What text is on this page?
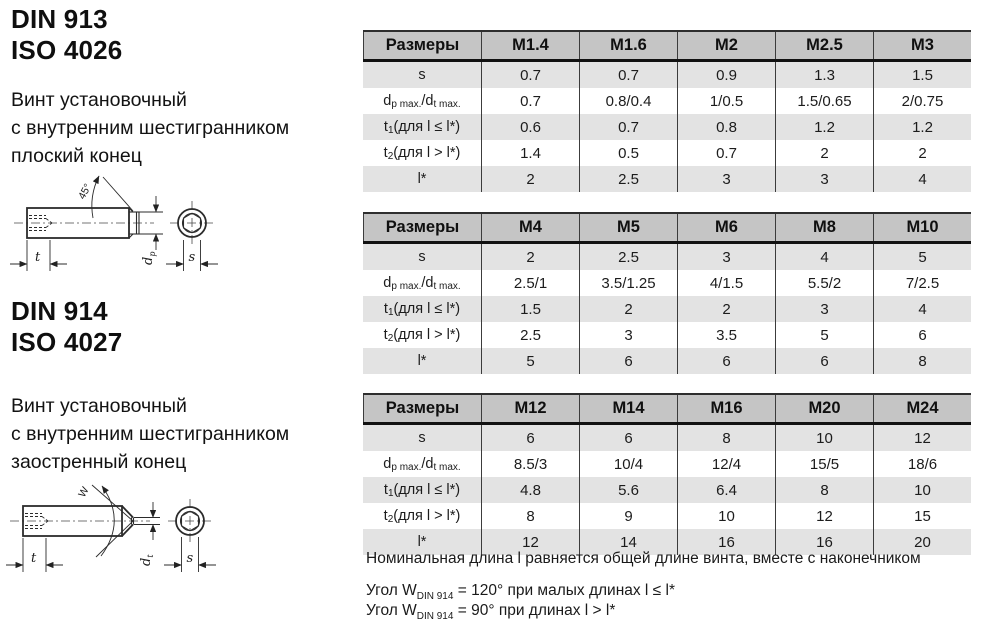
DIN 913
ISO 4026
Винт установочный
с внутренним шестигранником
плоский конец
45°
t	$d_p$ s
DIN 914
ISO 4027
Винт установочный
с внутренним шестигранником
заостренный конец
W
t	$d_t$ s
Размеры	M1.4	M1.6	M2	M2.5	M3
s	0.7	0.7	0.9	1.3	1.5
d p max. /d t max.	0.7	0.8/0.4	1/0.5	1.5/0.65	2/0.75
t 1 (для l ≤ l*)	0.6	0.7	0.8	1.2	1.2
t 2 (для l > l*)	1.4	0.5	0.7	2	2
l*	2	2.5	3	3	4
Размеры	M4	M5	M6	M8	M10
s	2	2.5	3	4	5
d p max. /d t max.	2.5/1	3.5/1.25	4/1.5	5.5/2	7/2.5
t 1 (для l ≤ l*)	1.5	2	2	3	4
t 2 (для l > l*)	2.5	3	3.5	5	6
l*	5	6	6	6	8
Размеры	M12	M14	M16	M20	M24
s	6	6	8	10	12
d p max. /d t max.	8.5/3	10/4	12/4	15/5	18/6
t 1 (для l ≤ l*)	4.8	5.6	6.4	8	10
t 2 (для l > l*)	8	9	10	12	15
l*	12	14	16	16	20
Номинальная длина l равняется общей длине винта, вместе с наконечником
Угол $W_{DIN 914} = 120^\circ$ при малых длинах l ≤ l*
Угол $W_{DIN 914} = 90^\circ$ при длинах l > l*
